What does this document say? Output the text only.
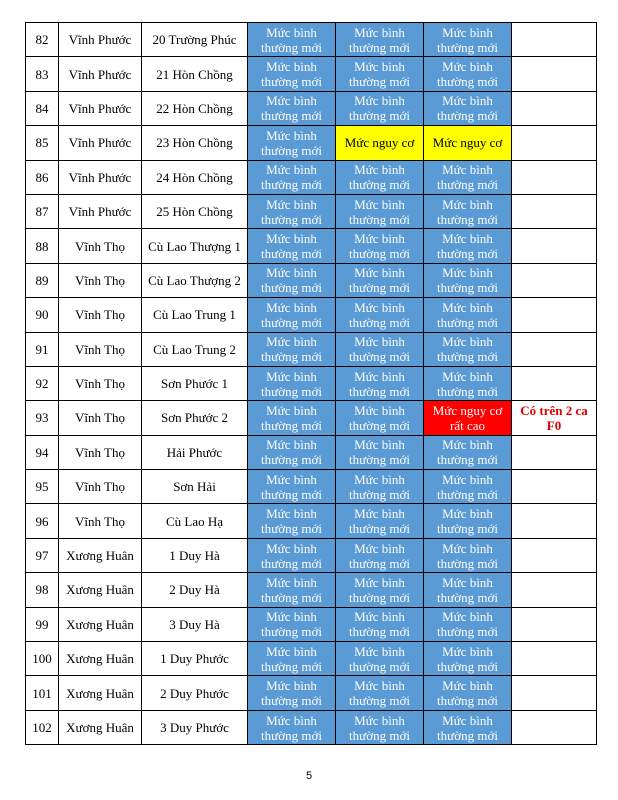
82	Vĩnh Phước	20 Trường Phúc	Mức bình thường mới	Mức bình thường mới	Mức bình thường mới	

83	Vĩnh Phước	21 Hòn Chồng	Mức bình thường mới	Mức bình thường mới	Mức bình thường mới	

84	Vĩnh Phước	22 Hòn Chồng	Mức bình thường mới	Mức bình thường mới	Mức bình thường mới	

85	Vĩnh Phước	23 Hòn Chồng	Mức bình thường mới	Mức nguy cơ	Mức nguy cơ	

86	Vĩnh Phước	24 Hòn Chồng	Mức bình thường mới	Mức bình thường mới	Mức bình thường mới	

87	Vĩnh Phước	25 Hòn Chồng	Mức bình thường mới	Mức bình thường mới	Mức bình thường mới	

88	Vĩnh Thọ	Cù Lao Thượng 1	Mức bình thường mới	Mức bình thường mới	Mức bình thường mới	

89	Vĩnh Thọ	Cù Lao Thượng 2	Mức bình thường mới	Mức bình thường mới	Mức bình thường mới	

90	Vĩnh Thọ	Cù Lao Trung 1	Mức bình thường mới	Mức bình thường mới	Mức bình thường mới	

91	Vĩnh Thọ	Cù Lao Trung 2	Mức bình thường mới	Mức bình thường mới	Mức bình thường mới	

92	Vĩnh Thọ	Sơn Phước 1	Mức bình thường mới	Mức bình thường mới	Mức bình thường mới	

93	Vĩnh Thọ	Sơn Phước 2	Mức bình thường mới	Mức bình thường mới	Mức nguy cơ rất cao	Có trên 2 ca F0
94	Vĩnh Thọ	Hải Phước	Mức bình thường mới	Mức bình thường mới	Mức bình thường mới	

95	Vĩnh Thọ	Sơn Hải	Mức bình thường mới	Mức bình thường mới	Mức bình thường mới	

96	Vĩnh Thọ	Cù Lao Hạ	Mức bình thường mới	Mức bình thường mới	Mức bình thường mới	

97	Xương Huân	1 Duy Hà	Mức bình thường mới	Mức bình thường mới	Mức bình thường mới	

98	Xương Huân	2 Duy Hà	Mức bình thường mới	Mức bình thường mới	Mức bình thường mới	

99	Xương Huân	3 Duy Hà	Mức bình thường mới	Mức bình thường mới	Mức bình thường mới	

100	Xương Huân	1 Duy Phước	Mức bình thường mới	Mức bình thường mới	Mức bình thường mới	

101	Xương Huân	2 Duy Phước	Mức bình thường mới	Mức bình thường mới	Mức bình thường mới	

102	Xương Huân	3 Duy Phước	Mức bình thường mới	Mức bình thường mới	Mức bình thường mới	

5
